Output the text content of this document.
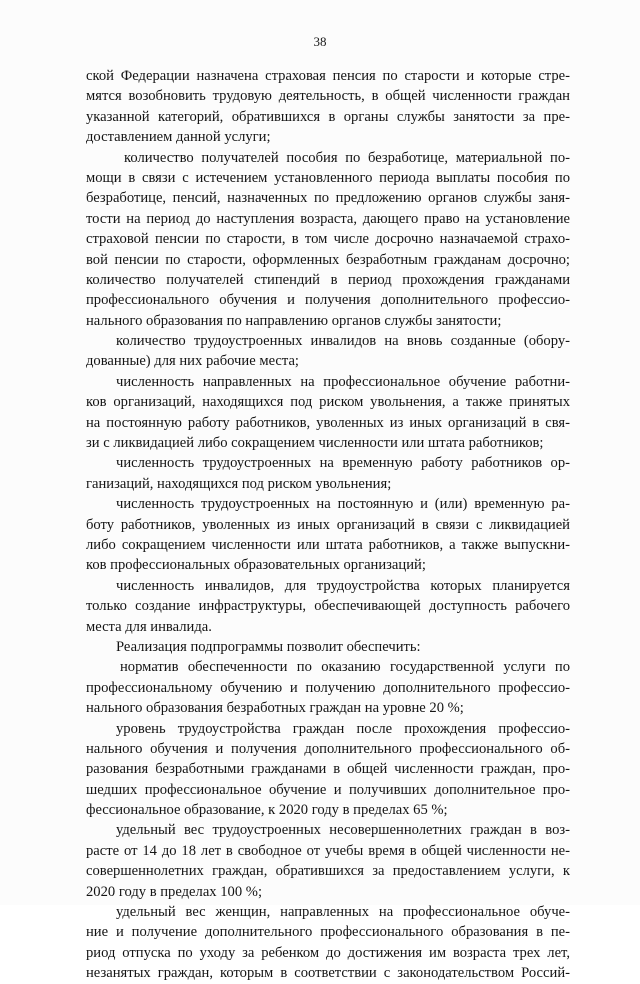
38
ской Федерации назначена страховая пенсия по старости и которые стре-
мятся возобновить трудовую деятельность, в общей численности граждан
указанной категорий, обратившихся в органы службы занятости за пре-
доставлением данной услуги;
количество получателей пособия по безработице, материальной по-
мощи в связи с истечением установленного периода выплаты пособия по
безработице, пенсий, назначенных по предложению органов службы заня-
тости на период до наступления возраста, дающего право на установление
страховой пенсии по старости, в том числе досрочно назначаемой страхо-
вой пенсии по старости, оформленных безработным гражданам досрочно;
количество получателей стипендий в период прохождения гражданами
профессионального обучения и получения дополнительного профессио-
нального образования по направлению органов службы занятости;
количество трудоустроенных инвалидов на вновь созданные (обору-
дованные) для них рабочие места;
численность направленных на профессиональное обучение работни-
ков организаций, находящихся под риском увольнения, а также принятых
на постоянную работу работников, уволенных из иных организаций в свя-
зи с ликвидацией либо сокращением численности или штата работников;
численность трудоустроенных на временную работу работников ор-
ганизаций, находящихся под риском увольнения;
численность трудоустроенных на постоянную и (или) временную ра-
боту работников, уволенных из иных организаций в связи с ликвидацией
либо сокращением численности или штата работников, а также выпускни-
ков профессиональных образовательных организаций;
численность инвалидов, для трудоустройства которых планируется
только создание инфраструктуры, обеспечивающей доступность рабочего
места для инвалида.
Реализация подпрограммы позволит обеспечить:
норматив обеспеченности по оказанию государственной услуги по
профессиональному обучению и получению дополнительного профессио-
нального образования безработных граждан на уровне 20 %;
уровень трудоустройства граждан после прохождения профессио-
нального обучения и получения дополнительного профессионального об-
разования безработными гражданами в общей численности граждан, про-
шедших профессиональное обучение и получивших дополнительное про-
фессиональное образование, к 2020 году в пределах 65 %;
удельный вес трудоустроенных несовершеннолетних граждан в воз-
расте от 14 до 18 лет в свободное от учебы время в общей численности не-
совершеннолетних граждан, обратившихся за предоставлением услуги, к
2020 году в пределах 100 %;
удельный вес женщин, направленных на профессиональное обуче-
ние и получение дополнительного профессионального образования в пе-
риод отпуска по уходу за ребенком до достижения им возраста трех лет,
незанятых граждан, которым в соответствии с законодательством Россий-
